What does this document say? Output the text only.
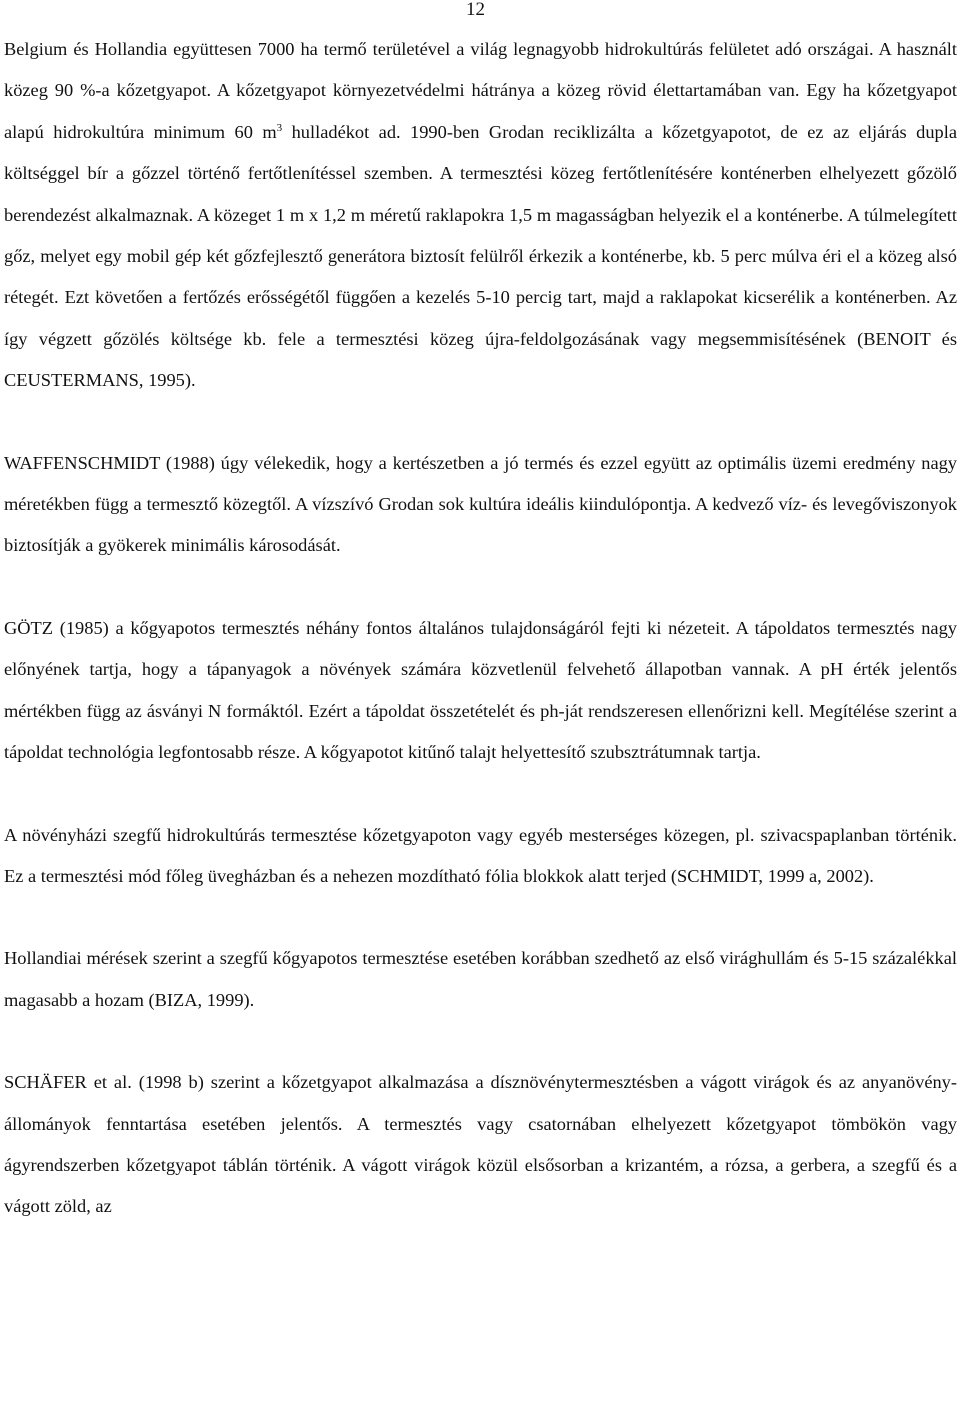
12

Belgium és Hollandia együttesen 7000 ha termő területével a világ legnagyobb hidrokultúrás felületet adó országai. A használt közeg 90 %-a kőzetgyapot. A kőzetgyapot környezetvédelmi hátránya a közeg rövid élettartamában van. Egy ha kőzetgyapot alapú hidrokultúra minimum 60 $m^3$ hulladékot ad. 1990-ben Grodan reciklizálta a kőzetgyapotot, de ez az eljárás dupla költséggel bír a gőzzel történő fertőtlenítéssel szemben. A termesztési közeg fertőtlenítésére konténerben elhelyezett gőzölő berendezést alkalmaznak. A közeget 1 m x 1,2 m méretű raklapokra 1,5 m magasságban helyezik el a konténerbe. A túlmelegített gőz, melyet egy mobil gép két gőzfejlesztő generátora biztosít felülről érkezik a konténerbe, kb. 5 perc múlva éri el a közeg alsó rétegét. Ezt követően a fertőzés erősségétől függően a kezelés 5-10 percig tart, majd a raklapokat kicserélik a konténerben. Az így végzett gőzölés költsége kb. fele a termesztési közeg újra-feldolgozásának vagy megsemmisítésének (BENOIT és CEUSTERMANS, 1995).

WAFFENSCHMIDT (1988) úgy vélekedik, hogy a kertészetben a jó termés és ezzel együtt az optimális üzemi eredmény nagy méretékben függ a termesztő közegtől. A vízszívó Grodan sok kultúra ideális kiindulópontja. A kedvező víz- és levegőviszonyok biztosítják a gyökerek minimális károsodását.

GÖTZ (1985) a kőgyapotos termesztés néhány fontos általános tulajdonságáról fejti ki nézeteit. A tápoldatos termesztés nagy előnyének tartja, hogy a tápanyagok a növények számára közvetlenül felvehető állapotban vannak. A pH érték jelentős mértékben függ az ásványi N formáktól. Ezért a tápoldat összetételét és ph-ját rendszeresen ellenőrizni kell. Megítélése szerint a tápoldat technológia legfontosabb része. A kőgyapotot kitűnő talajt helyettesítő szubsztrátumnak tartja.

A növényházi szegfű hidrokultúrás termesztése kőzetgyapoton vagy egyéb mesterséges közegen, pl. szivacspaplanban történik. Ez a termesztési mód főleg üvegházban és a nehezen mozdítható fólia blokkok alatt terjed (SCHMIDT, 1999 a, 2002).

Hollandiai mérések szerint a szegfű kőgyapotos termesztése esetében korábban szedhető az első virághullám és 5-15 százalékkal magasabb a hozam (BIZA, 1999).

SCHÄFER et al. (1998 b) szerint a kőzetgyapot alkalmazása a dísznövénytermesztésben a vágott virágok és az anyanövény-állományok fenntartása esetében jelentős. A termesztés vagy csatornában elhelyezett kőzetgyapot tömbökön vagy ágyrendszerben kőzetgyapot táblán történik. A vágott virágok közül elsősorban a krizantém, a rózsa, a gerbera, a szegfű és a vágott zöld, az
